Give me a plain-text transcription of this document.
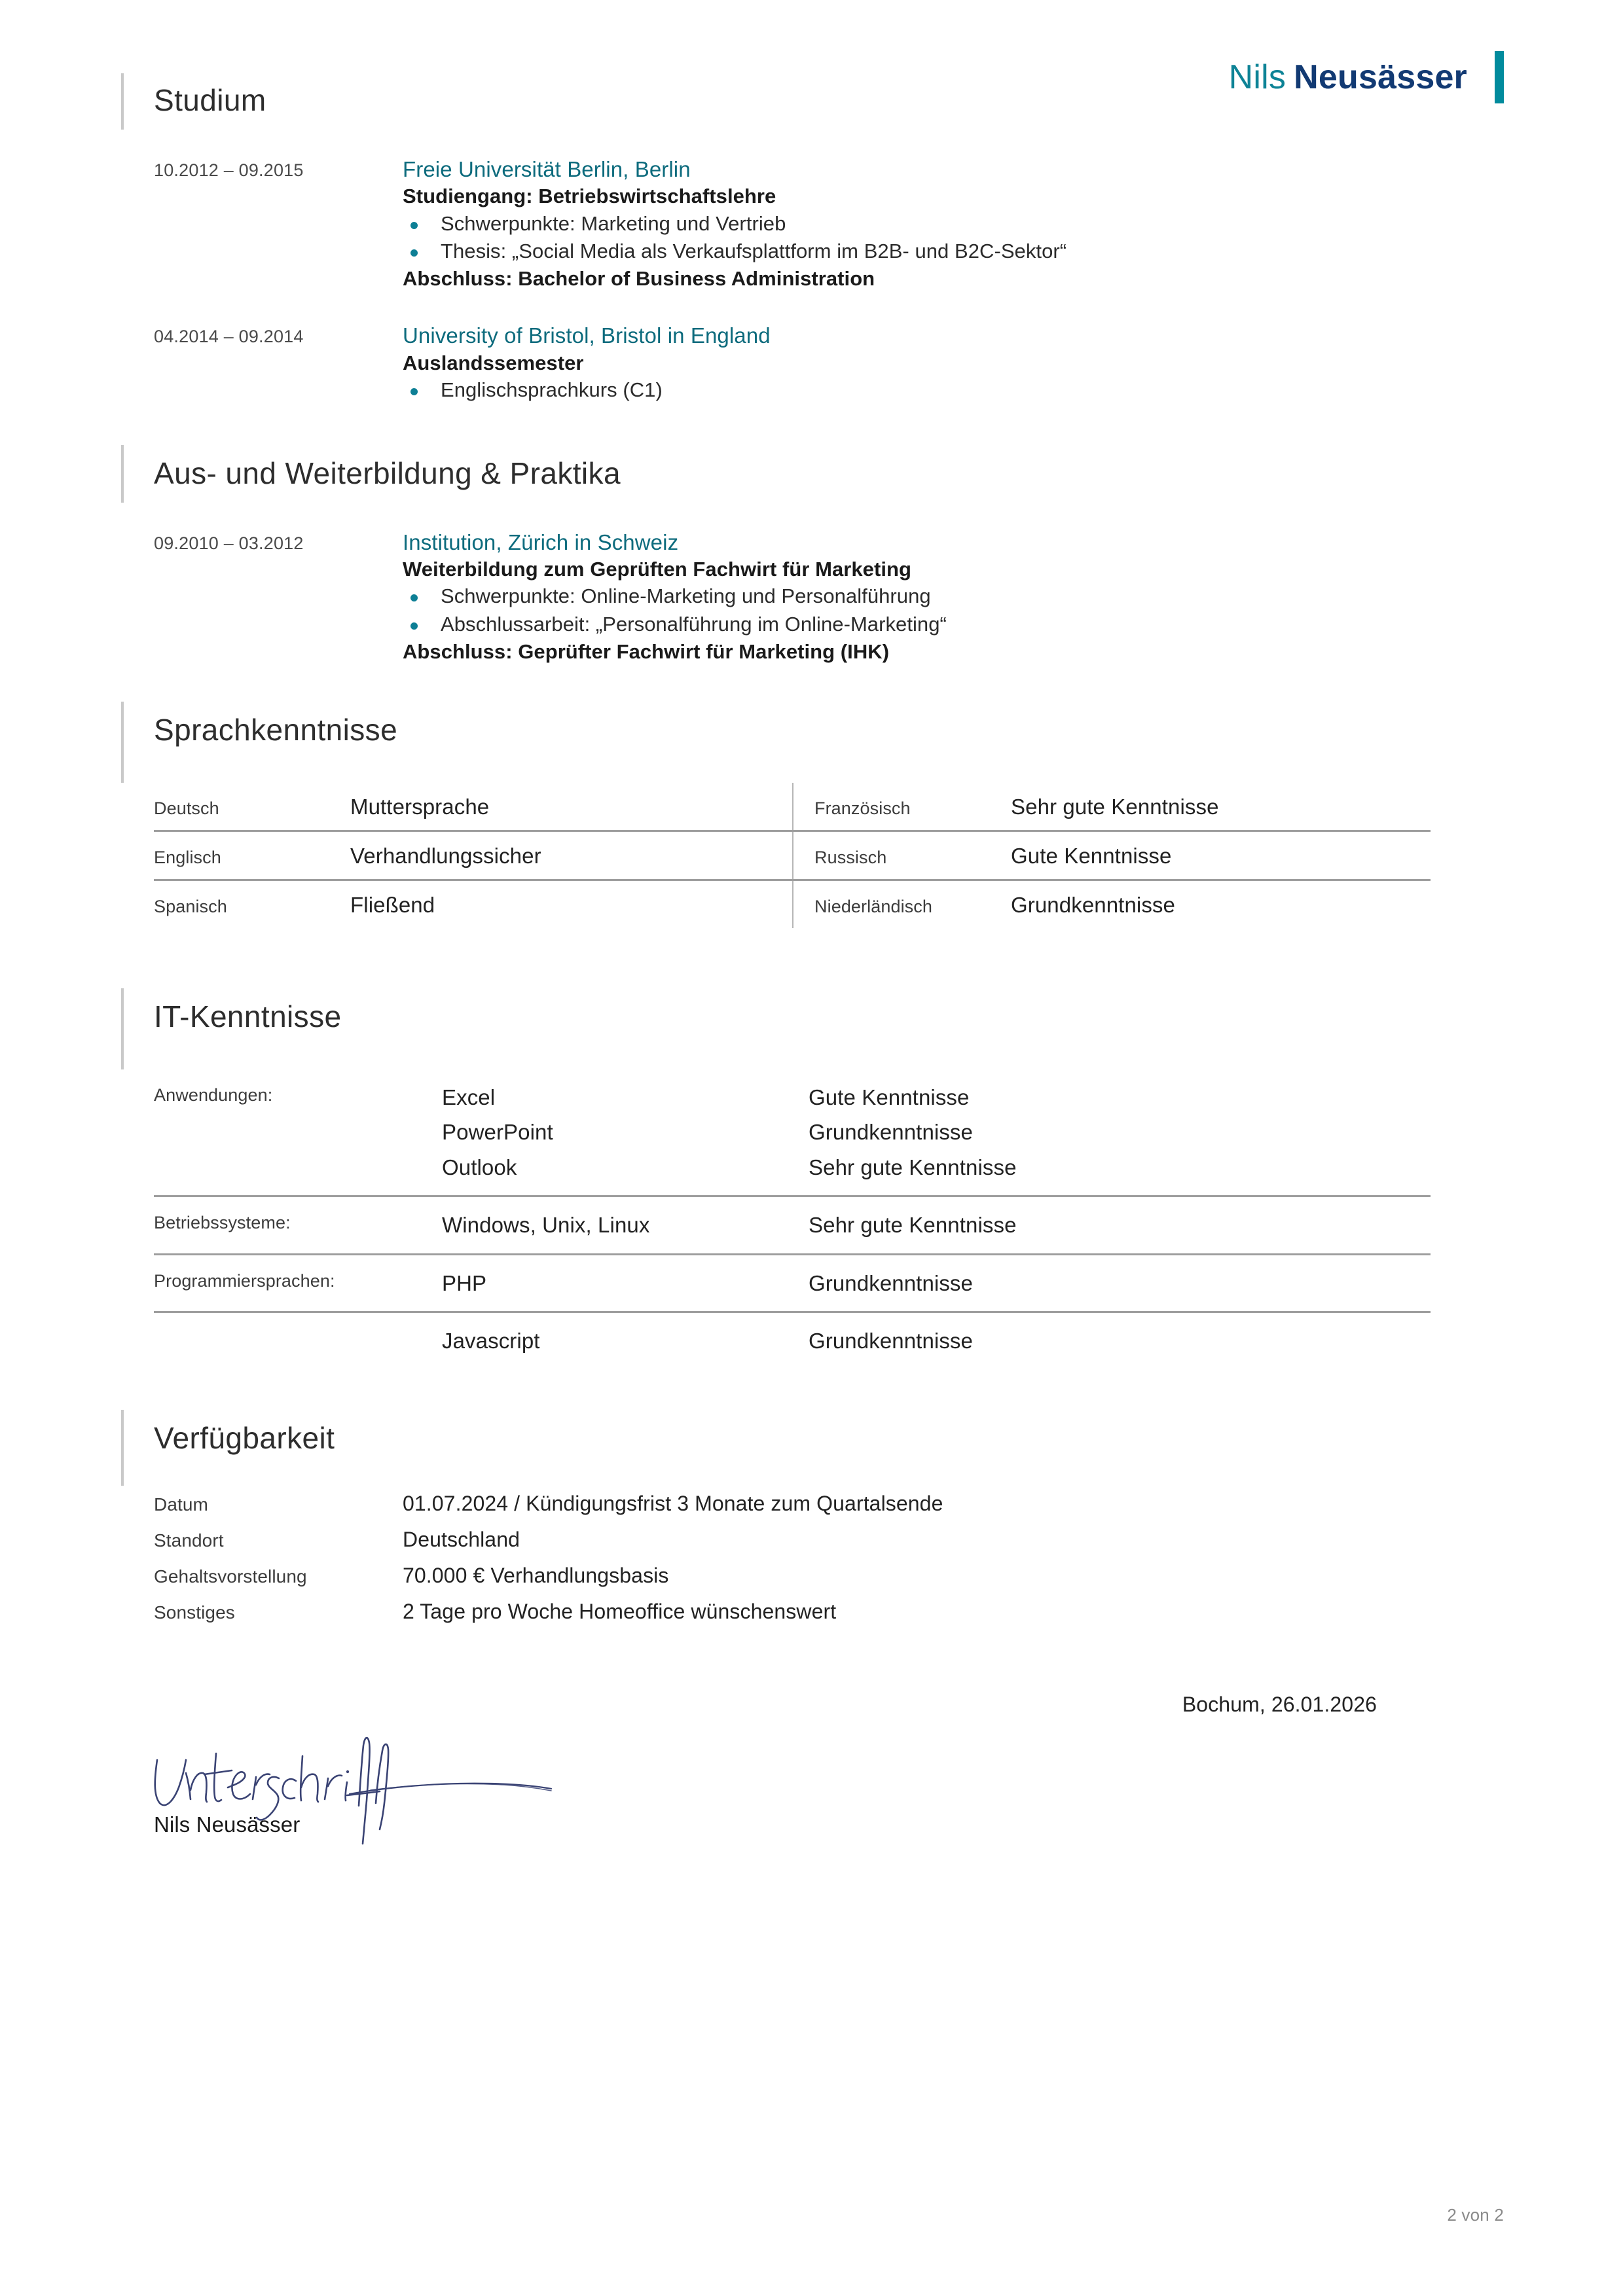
Nils Neusässer
Studium
10.2012 – 09.2015	Freie Universität Berlin, Berlin
Studiengang: Betriebswirtschaftslehre
Schwerpunkte: Marketing und Vertrieb
Thesis: „Social Media als Verkaufsplattform im B2B- und B2C-Sektor“
Abschluss: Bachelor of Business Administration
04.2014 – 09.2014	University of Bristol, Bristol in England
Auslandssemester
Englischsprachkurs (C1)
Aus- und Weiterbildung & Praktika
09.2010 – 03.2012	Institution, Zürich in Schweiz
Weiterbildung zum Geprüften Fachwirt für Marketing
Schwerpunkte: Online-Marketing und Personalführung
Abschlussarbeit: „Personalführung im Online-Marketing“
Abschluss: Geprüfter Fachwirt für Marketing (IHK)
Sprachkenntnisse
Deutsch	Muttersprache	Französisch	Sehr gute Kenntnisse
Englisch	Verhandlungssicher	Russisch	Gute Kenntnisse
Spanisch	Fließend	Niederländisch	Grundkenntnisse
IT-Kenntnisse
Anwendungen:	Excel	Gute Kenntnisse
PowerPoint	Grundkenntnisse
Outlook	Sehr gute Kenntnisse
Betriebssysteme:	Windows, Unix, Linux	Sehr gute Kenntnisse
Programmiersprachen:	PHP	Grundkenntnisse
Javascript	Grundkenntnisse
Verfügbarkeit
Datum	01.07.2024 / Kündigungsfrist 3 Monate zum Quartalsende
Standort	Deutschland
Gehaltsvorstellung	70.000 € Verhandlungsbasis
Sonstiges	2 Tage pro Woche Homeoffice wünschenswert
Bochum, 26.01.2026
Nils Neusässer
2 von 2
